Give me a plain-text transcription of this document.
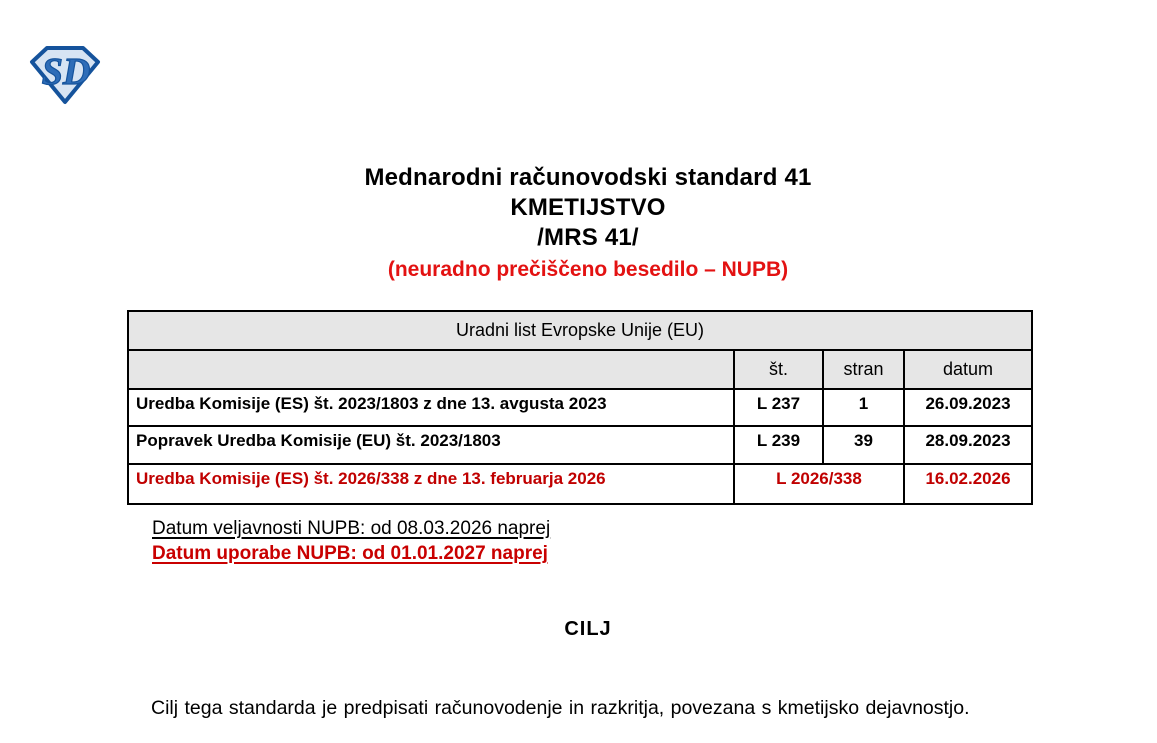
SD
Mednarodni računovodski standard 41
KMETIJSTVO
/MRS 41/
(neuradno prečiščeno besedilo – NUPB)
Uradni list Evropske Unije (EU)			
	št.	stran	datum
Uredba Komisije (ES) št. 2023/1803 z dne 13. avgusta 2023	L 237	1	26.09.2023
Popravek Uredba Komisije (EU) št. 2023/1803	L 239	39	28.09.2023
Uredba Komisije (ES) št. 2026/338 z dne 13. februarja 2026	L 2026/338		16.02.2026
Datum veljavnosti NUPB: od 08.03.2026 naprej
Datum uporabe NUPB: od 01.01.2027 naprej
CILJ

Cilj tega standarda je predpisati računovodenje in razkritja, povezana s kmetijsko dejavnostjo.
